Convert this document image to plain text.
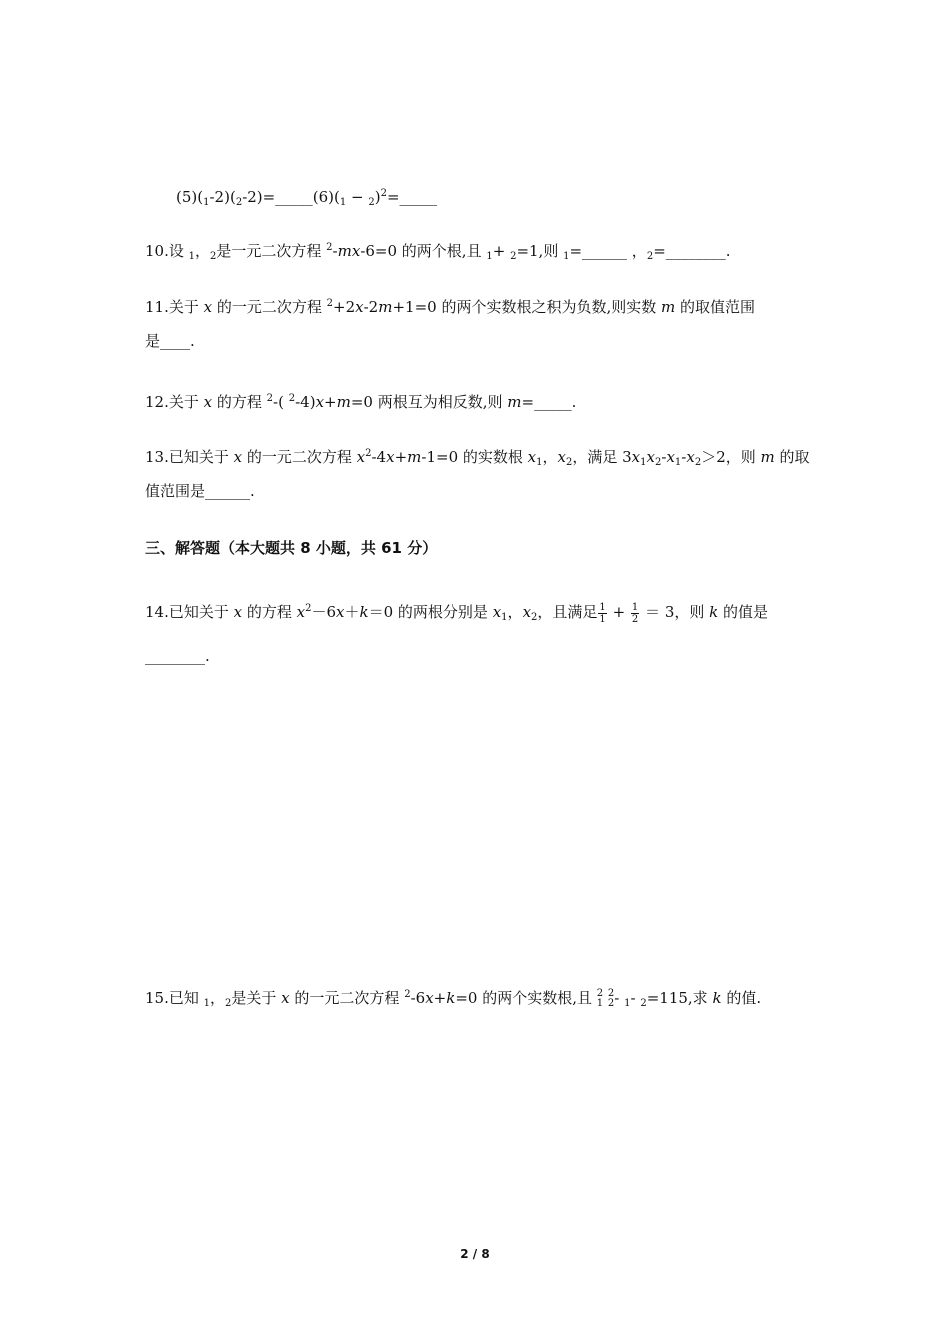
$(5)(_1-2)(_2-2)=\_\_\_\_\_(6)(_1$ − $_2$)$^2$=_____
10.设 $_1$，$_2$是一元二次方程 $^2$-mx-6=0 的两个根,且 $_1$+ $_2$=1,则 $_1$=______ ，$_2$=________.
11.关于 x 的一元二次方程 $^2$+2x-2m+1=0 的两个实数根之积为负数,则实数 m 的取值范围
是____.
12.关于 x 的方程 $^2$-( $^2$-4)x+m=0 两根互为相反数,则 m=_____.
13.已知关于 x 的一元二次方程 $x^2-4x+m-1=0$ 的实数根 $x_1$，$x_2$，满足 $3x_1x_2-x_1-x_2>2$，则 m 的取
值范围是______.
三、解答题（本大题共 8 小题，共 61 分）
14.已知关于 x 的方程 $x^2-6x+k=0$ 的两根分别是 $x_1$，$x_2$，且满足 $\frac{1}{1} + \frac{1}{2} = 3$，则 k 的值是
________.
15.已知 $_1$，$_2$是关于 x 的一元二次方程 $^2$-6x+k=0 的两个实数根,且 2
1

2
2 - $_1$- $_2$=115,求 k 的值.
2 / 8
